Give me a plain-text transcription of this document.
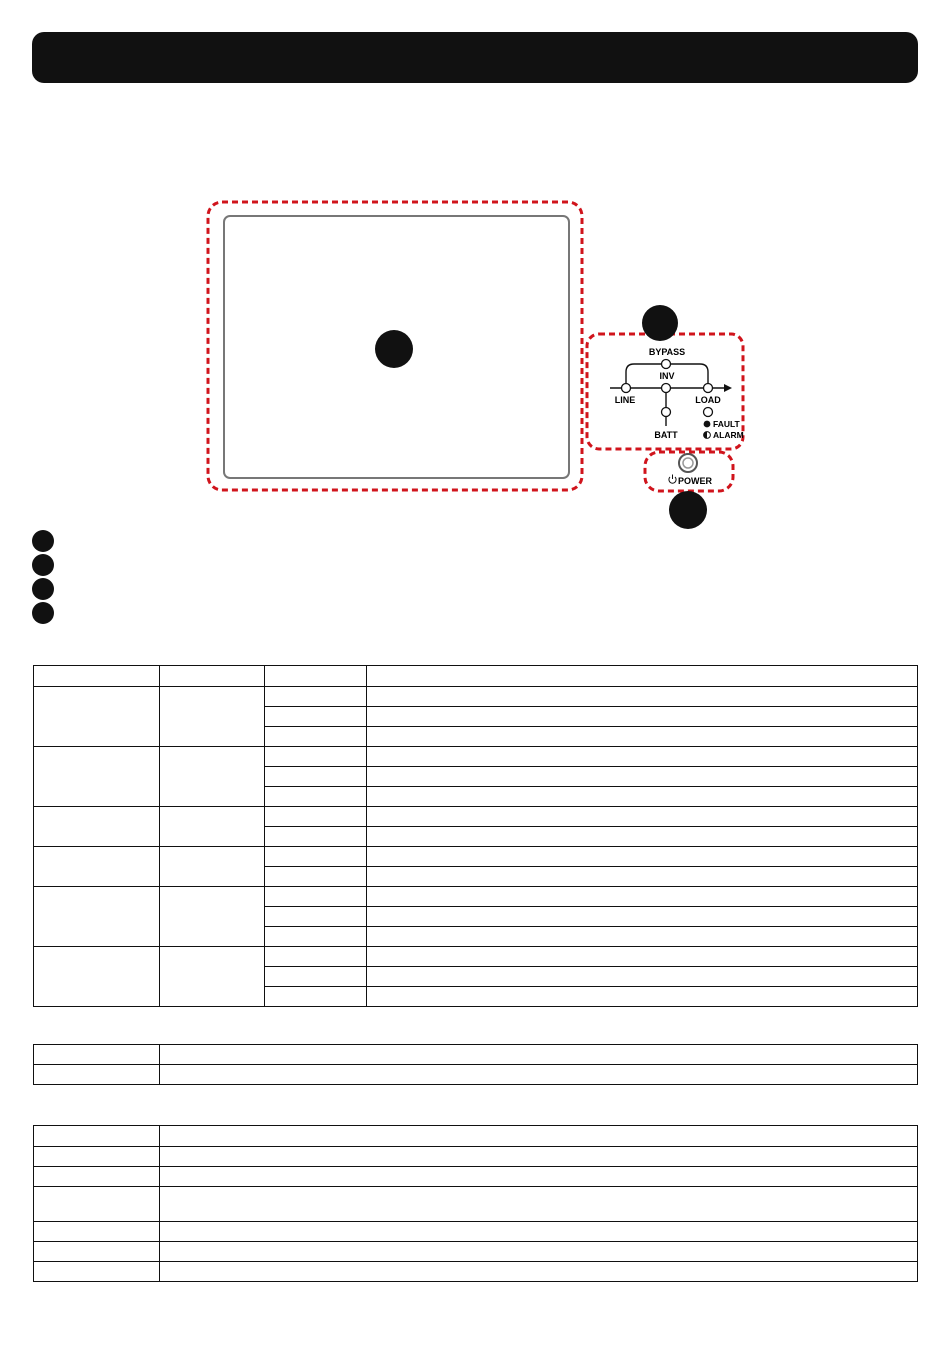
BYPASS
INV
LINE	LOAD
BATT
FAULT
ALARM
POWER
